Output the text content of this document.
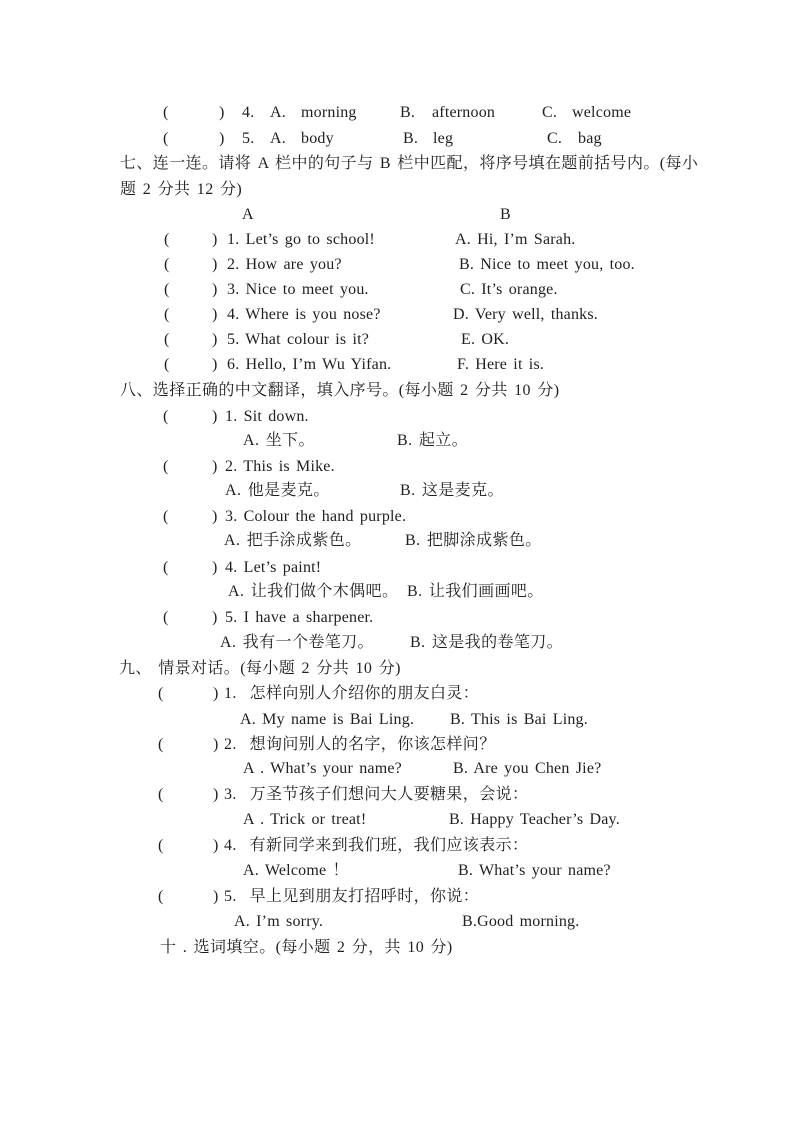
(	) 4. A. morning	B. afternoon	C. welcome
(	) 5. A. body	B. leg	C. bag
七、连一连。请将 A 栏中的句子与 B 栏中匹配，将序号填在题前括号内。(每小
题 2 分共 12 分)
A	B
(	) 1. Let’s go to school!	A. Hi, I’m Sarah.
(	) 2. How are you?	B. Nice to meet you, too.
(	) 3. Nice to meet you.	C. It’s orange.
(	) 4. Where is you nose?	D. Very well, thanks.
(	) 5. What colour is it?	E. OK.
(	) 6. Hello, I’m Wu Yifan.	F. Here it is.
八、选择正确的中文翻译，填入序号。(每小题 2 分共 10 分)
(	) 1. Sit down.
A. 坐下。	B. 起立。
(	) 2. This is Mike.
A. 他是麦克。	B. 这是麦克。
(	) 3. Colour the hand purple.
A. 把手涂成紫色。	B. 把脚涂成紫色。
(	) 4. Let’s paint!
A. 让我们做个木偶吧。 B. 让我们画画吧。
(	) 5. I have a sharpener.
A. 我有一个卷笔刀。 B. 这是我的卷笔刀。
九、 情景对话。(每小题 2 分共 10 分)
(	) 1.  怎样向别人介绍你的朋友白灵：
A. My name is Bai Ling. B. This is Bai Ling.
(	) 2.  想询问别人的名字，你该怎样问？
A . What’s your name?	B. Are you Chen Jie?
(	) 3.  万圣节孩子们想问大人要糖果，会说：
A . Trick or treat!	B. Happy Teacher’s Day.
(	) 4.  有新同学来到我们班，我们应该表示：
A. Welcome ！	B. What’s your name?
(	) 5.  早上见到朋友打招呼时，你说：
A. I’m sorry.	B.Good morning.
十 . 选词填空。(每小题 2 分，共 10 分)
